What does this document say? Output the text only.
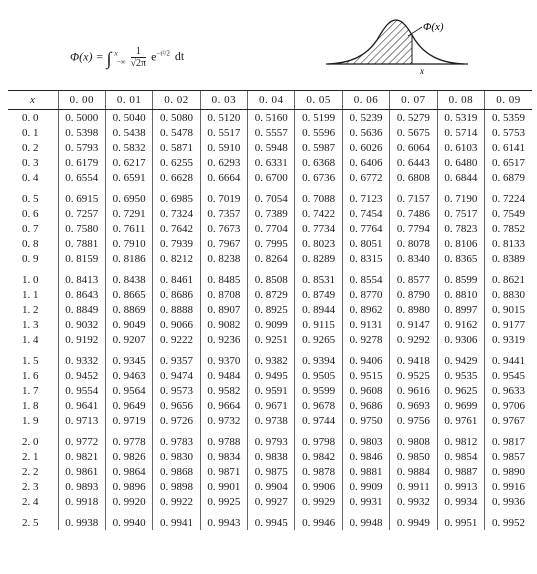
Φ(x) = ∫ $^x$ $_{-\infty} \frac{1}{√2\pi} e^{-t^2/2}$ dt
Φ(x)
x
x	0. 00	0. 01	0. 02	0. 03	0. 04	0. 05	0. 06	0. 07	0. 08	0. 09
0. 0	0. 5000	0. 5040	0. 5080	0. 5120	0. 5160	0. 5199	0. 5239	0. 5279	0. 5319	0. 5359
0. 1	0. 5398	0. 5438	0. 5478	0. 5517	0. 5557	0. 5596	0. 5636	0. 5675	0. 5714	0. 5753
0. 2	0. 5793	0. 5832	0. 5871	0. 5910	0. 5948	0. 5987	0. 6026	0. 6064	0. 6103	0. 6141
0. 3	0. 6179	0. 6217	0. 6255	0. 6293	0. 6331	0. 6368	0. 6406	0. 6443	0. 6480	0. 6517
0. 4	0. 6554	0. 6591	0. 6628	0. 6664	0. 6700	0. 6736	0. 6772	0. 6808	0. 6844	0. 6879
0. 5	0. 6915	0. 6950	0. 6985	0. 7019	0. 7054	0. 7088	0. 7123	0. 7157	0. 7190	0. 7224
0. 6	0. 7257	0. 7291	0. 7324	0. 7357	0. 7389	0. 7422	0. 7454	0. 7486	0. 7517	0. 7549
0. 7	0. 7580	0. 7611	0. 7642	0. 7673	0. 7704	0. 7734	0. 7764	0. 7794	0. 7823	0. 7852
0. 8	0. 7881	0. 7910	0. 7939	0. 7967	0. 7995	0. 8023	0. 8051	0. 8078	0. 8106	0. 8133
0. 9	0. 8159	0. 8186	0. 8212	0. 8238	0. 8264	0. 8289	0. 8315	0. 8340	0. 8365	0. 8389
1. 0	0. 8413	0. 8438	0. 8461	0. 8485	0. 8508	0. 8531	0. 8554	0. 8577	0. 8599	0. 8621
1. 1	0. 8643	0. 8665	0. 8686	0. 8708	0. 8729	0. 8749	0. 8770	0. 8790	0. 8810	0. 8830
1. 2	0. 8849	0. 8869	0. 8888	0. 8907	0. 8925	0. 8944	0. 8962	0. 8980	0. 8997	0. 9015
1. 3	0. 9032	0. 9049	0. 9066	0. 9082	0. 9099	0. 9115	0. 9131	0. 9147	0. 9162	0. 9177
1. 4	0. 9192	0. 9207	0. 9222	0. 9236	0. 9251	0. 9265	0. 9278	0. 9292	0. 9306	0. 9319
1. 5	0. 9332	0. 9345	0. 9357	0. 9370	0. 9382	0. 9394	0. 9406	0. 9418	0. 9429	0. 9441
1. 6	0. 9452	0. 9463	0. 9474	0. 9484	0. 9495	0. 9505	0. 9515	0. 9525	0. 9535	0. 9545
1. 7	0. 9554	0. 9564	0. 9573	0. 9582	0. 9591	0. 9599	0. 9608	0. 9616	0. 9625	0. 9633
1. 8	0. 9641	0. 9649	0. 9656	0. 9664	0. 9671	0. 9678	0. 9686	0. 9693	0. 9699	0. 9706
1. 9	0. 9713	0. 9719	0. 9726	0. 9732	0. 9738	0. 9744	0. 9750	0. 9756	0. 9761	0. 9767
2. 0	0. 9772	0. 9778	0. 9783	0. 9788	0. 9793	0. 9798	0. 9803	0. 9808	0. 9812	0. 9817
2. 1	0. 9821	0. 9826	0. 9830	0. 9834	0. 9838	0. 9842	0. 9846	0. 9850	0. 9854	0. 9857
2. 2	0. 9861	0. 9864	0. 9868	0. 9871	0. 9875	0. 9878	0. 9881	0. 9884	0. 9887	0. 9890
2. 3	0. 9893	0. 9896	0. 9898	0. 9901	0. 9904	0. 9906	0. 9909	0. 9911	0. 9913	0. 9916
2. 4	0. 9918	0. 9920	0. 9922	0. 9925	0. 9927	0. 9929	0. 9931	0. 9932	0. 9934	0. 9936
2. 5	0. 9938	0. 9940	0. 9941	0. 9943	0. 9945	0. 9946	0. 9948	0. 9949	0. 9951	0. 9952
